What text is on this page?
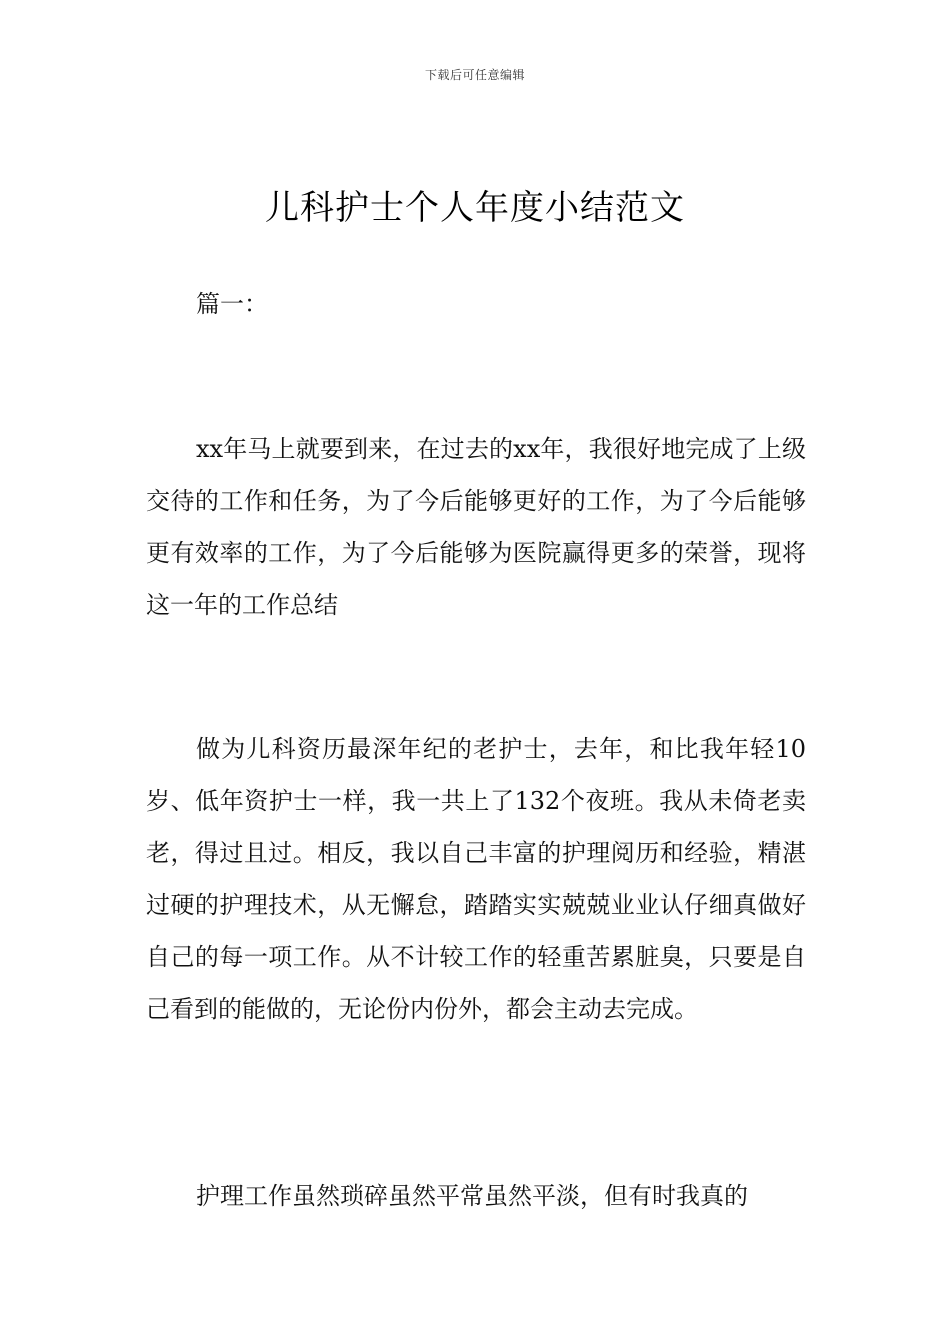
下载后可任意编辑
儿科护士个人年度小结范文
篇一：

xx年马上就要到来，在过去的xx年，我很好地完成了上级交待的工作和任务，为了今后能够更好的工作，为了今后能够更有效率的工作，为了今后能够为医院赢得更多的荣誉，现将这一年的工作总结

做为儿科资历最深年纪的老护士，去年，和比我年轻10岁、低年资护士一样，我一共上了132个夜班。我从未倚老卖老，得过且过。相反，我以自己丰富的护理阅历和经验，精湛过硬的护理技术，从无懈怠，踏踏实实兢兢业业认仔细真做好自己的每一项工作。从不计较工作的轻重苦累脏臭，只要是自己看到的能做的，无论份内份外，都会主动去完成。

护理工作虽然琐碎虽然平常虽然平淡，但有时我真的
